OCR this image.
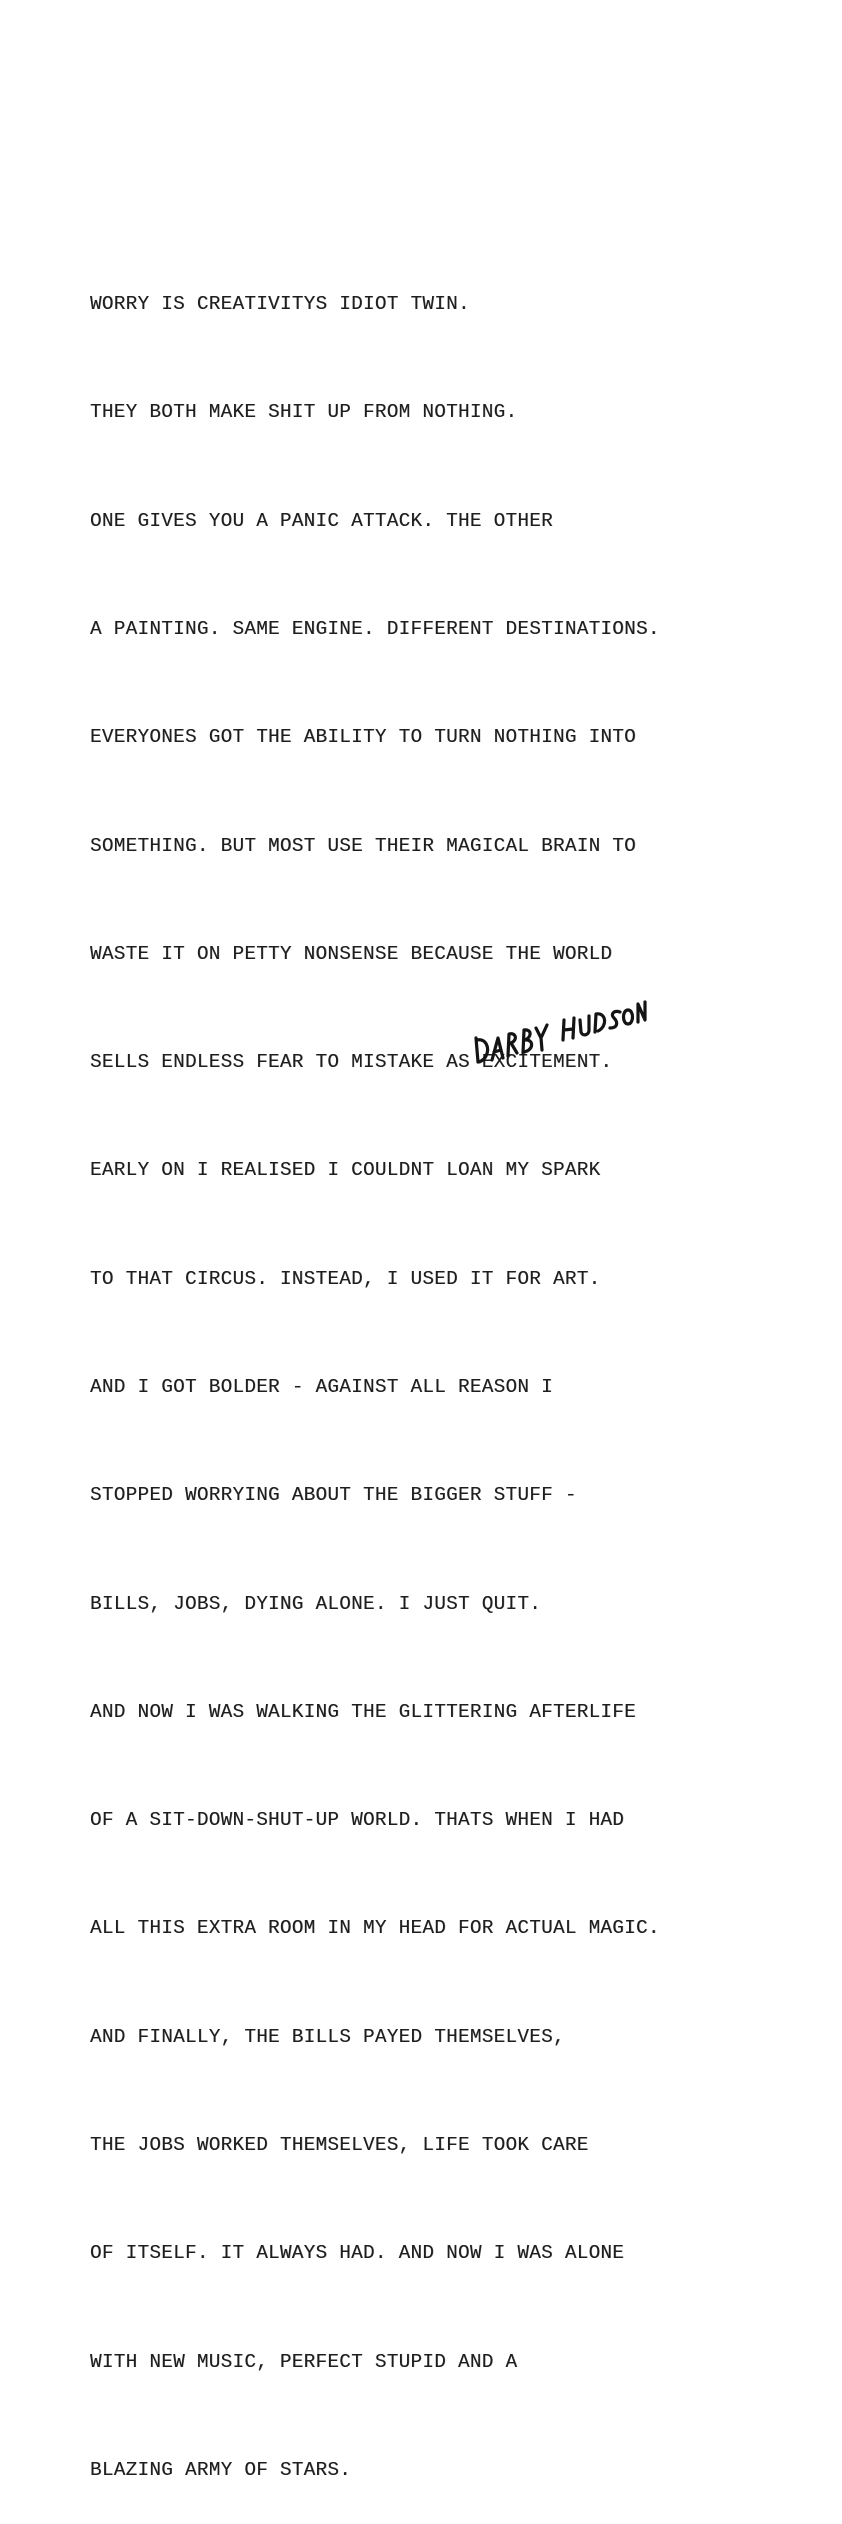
WORRY IS CREATIVITYS IDIOT TWIN.

THEY BOTH MAKE SHIT UP FROM NOTHING.

ONE GIVES YOU A PANIC ATTACK. THE OTHER

A PAINTING. SAME ENGINE. DIFFERENT DESTINATIONS.

EVERYONES GOT THE ABILITY TO TURN NOTHING INTO

SOMETHING. BUT MOST USE THEIR MAGICAL BRAIN TO

WASTE IT ON PETTY NONSENSE BECAUSE THE WORLD

SELLS ENDLESS FEAR TO MISTAKE AS EXCITEMENT.

EARLY ON I REALISED I COULDNT LOAN MY SPARK

TO THAT CIRCUS. INSTEAD, I USED IT FOR ART.

AND I GOT BOLDER - AGAINST ALL REASON I

STOPPED WORRYING ABOUT THE BIGGER STUFF -

BILLS, JOBS, DYING ALONE. I JUST QUIT.

AND NOW I WAS WALKING THE GLITTERING AFTERLIFE

OF A SIT-DOWN-SHUT-UP WORLD. THATS WHEN I HAD

ALL THIS EXTRA ROOM IN MY HEAD FOR ACTUAL MAGIC.

AND FINALLY, THE BILLS PAYED THEMSELVES,

THE JOBS WORKED THEMSELVES, LIFE TOOK CARE

OF ITSELF. IT ALWAYS HAD. AND NOW I WAS ALONE

WITH NEW MUSIC, PERFECT STUPID AND A

BLAZING ARMY OF STARS.
